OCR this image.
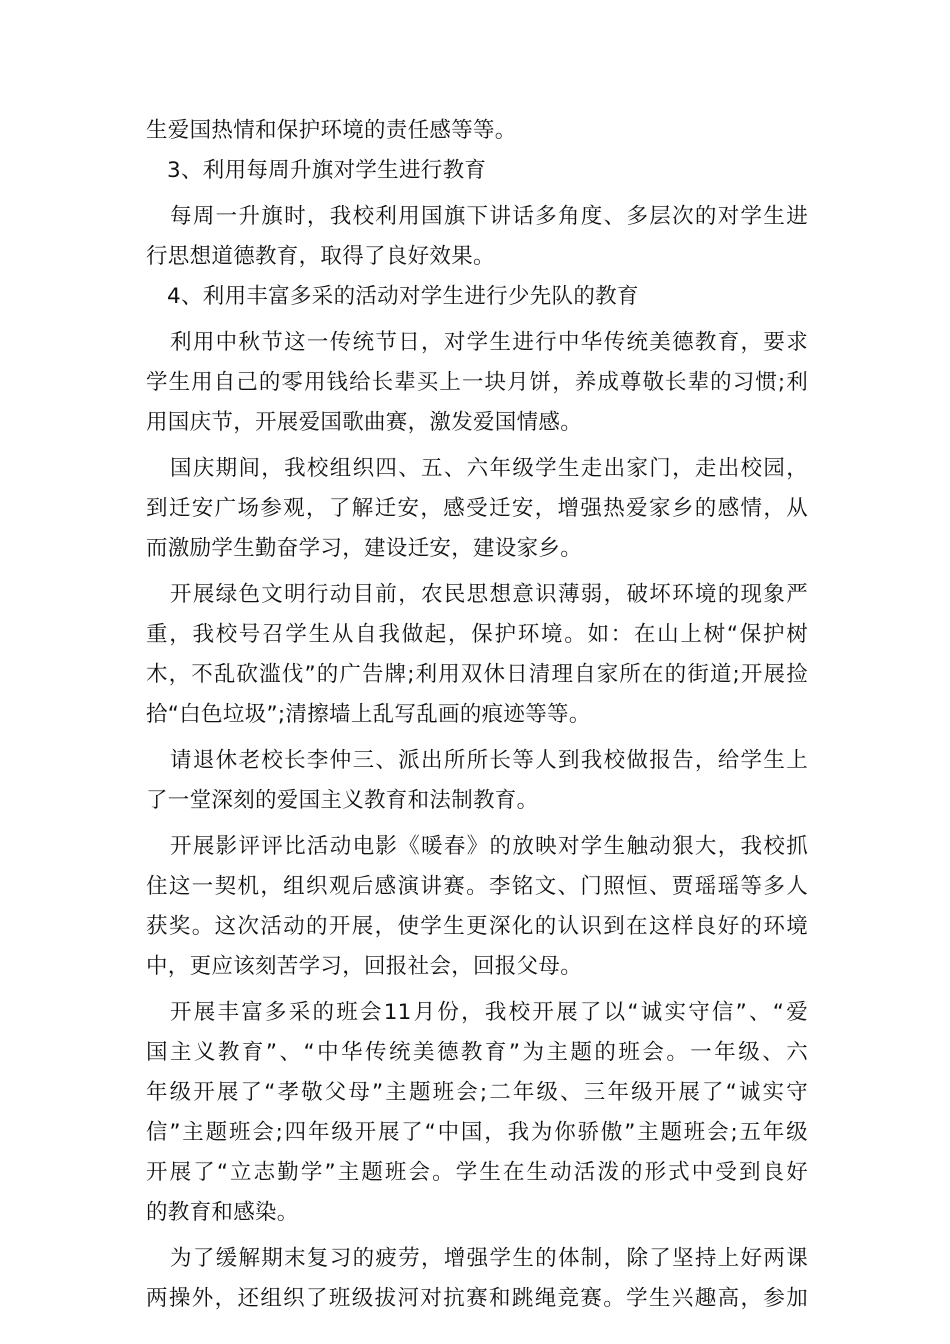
生爱国热情和保护环境的责任感等等。
3、利用每周升旗对学生进行教育
每周一升旗时，我校利用国旗下讲话多角度、多层次的对学生进
行思想道德教育，取得了良好效果。
4、利用丰富多采的活动对学生进行少先队的教育
利用中秋节这一传统节日，对学生进行中华传统美德教育，要求
学生用自己的零用钱给长辈买上一块月饼，养成尊敬长辈的习惯;利
用国庆节，开展爱国歌曲赛，激发爱国情感。
国庆期间，我校组织四、五、六年级学生走出家门，走出校园，
到迁安广场参观，了解迁安，感受迁安，增强热爱家乡的感情，从
而激励学生勤奋学习，建设迁安，建设家乡。
开展绿色文明行动目前，农民思想意识薄弱，破坏环境的现象严
重，我校号召学生从自我做起，保护环境。如：在山上树“保护树
木，不乱砍滥伐”的广告牌;利用双休日清理自家所在的街道;开展捡
拾“白色垃圾”;清擦墙上乱写乱画的痕迹等等。
请退休老校长李仲三、派出所所长等人到我校做报告，给学生上
了一堂深刻的爱国主义教育和法制教育。
开展影评评比活动电影《暖春》的放映对学生触动狠大，我校抓
住这一契机，组织观后感演讲赛。李铭文、门照恒、贾瑶瑶等多人
获奖。这次活动的开展，使学生更深化的认识到在这样良好的环境
中，更应该刻苦学习，回报社会，回报父母。
开展丰富多采的班会11月份，我校开展了以“诚实守信”、“爱
国主义教育”、“中华传统美德教育”为主题的班会。一年级、六
年级开展了“孝敬父母”主题班会;二年级、三年级开展了“诚实守
信”主题班会;四年级开展了“中国，我为你骄傲”主题班会;五年级
开展了“立志勤学”主题班会。学生在生动活泼的形式中受到良好
的教育和感染。
为了缓解期末复习的疲劳，增强学生的体制，除了坚持上好两课
两操外，还组织了班级拔河对抗赛和跳绳竞赛。学生兴趣高，参加
